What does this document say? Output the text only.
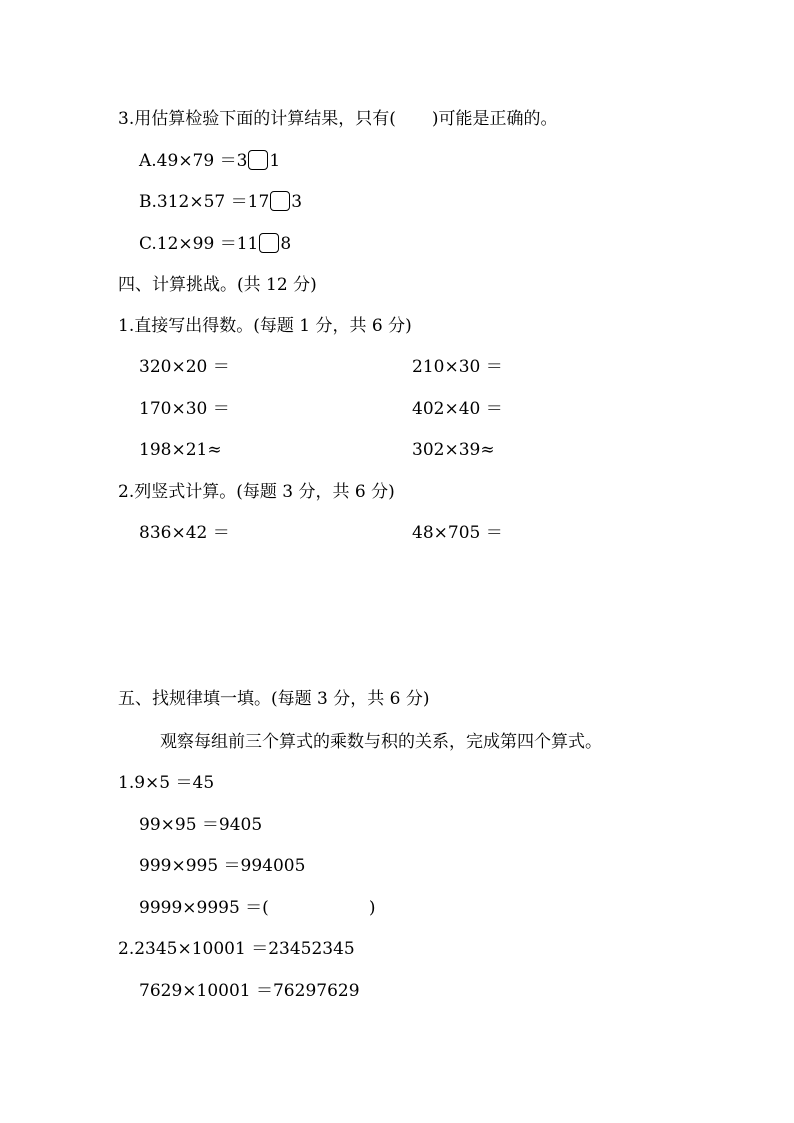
3.用估算检验下面的计算结果，只有( )可能是正确的。
A.49×79 ＝3 1
B.312×57 ＝17 3
C.12×99 ＝11 8
四、计算挑战。(共 12 分)
1.直接写出得数。(每题 1 分，共 6 分)
320×20 ＝	210×30 ＝
170×30 ＝	402×40 ＝
198×21≈	302×39≈
2.列竖式计算。(每题 3 分，共 6 分)
836×42 ＝	48×705 ＝
五、找规律填一填。(每题 3 分，共 6 分)
观察每组前三个算式的乘数与积的关系，完成第四个算式。
1.9×5 ＝45
99×95 ＝9405
999×995 ＝994005
9999×9995 ＝(	)
2.2345×10001 ＝23452345
7629×10001 ＝76297629
